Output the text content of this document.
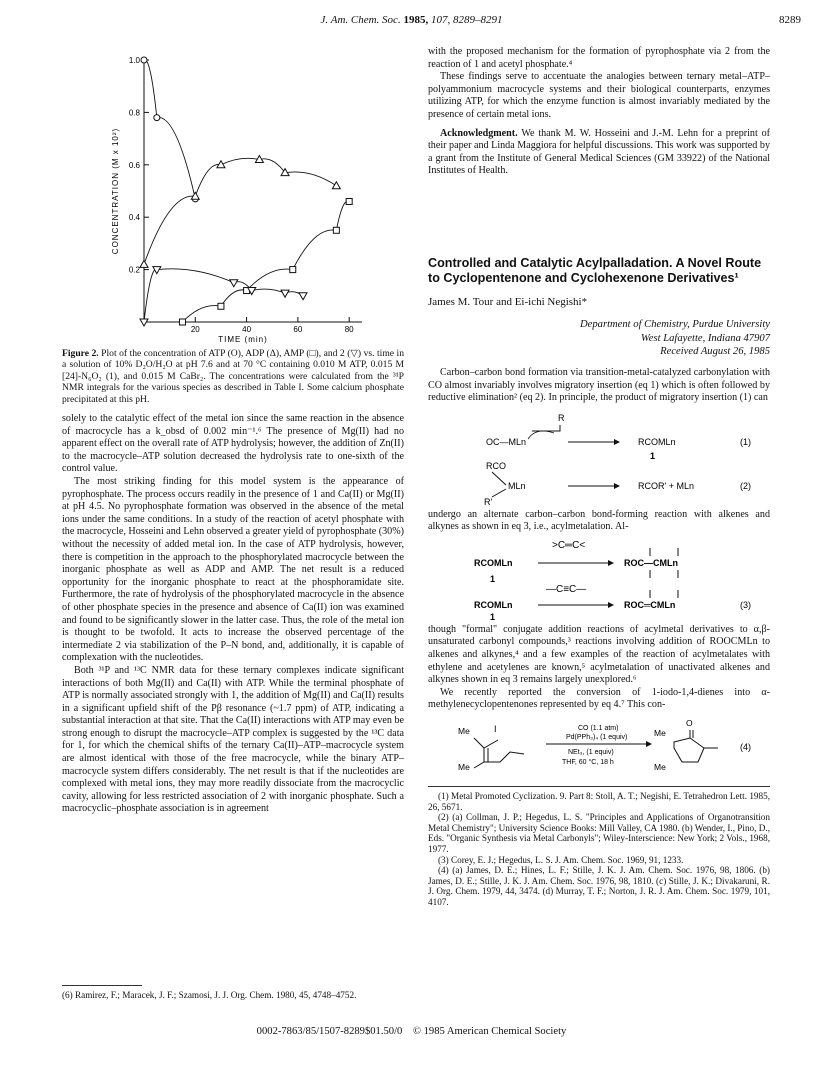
J. Am. Chem. Soc. 1985, 107, 8289–8291	8289
CONCENTRATION (M x 10²)
TIME (min)
0.2
0.4
0.6
0.8
1.0
20	40	60	80
Figure 2. Plot of the concentration of ATP (O), ADP (Δ), AMP (□), and 2 (▽) vs. time in a solution of 10% D₂O/H₂O at pH 7.6 and at 70 °C containing 0.010 M ATP, 0.015 M [24]-N₆O₂ (1), and 0.015 M CaBr₂. The concentrations were calculated from the ³¹P NMR integrals for the various species as described in Table I. Some calcium phosphate precipitated at this pH.

solely to the catalytic effect of the metal ion since the same reaction in the absence of macrocycle has a k_obsd of 0.002 min⁻¹.⁶ The presence of Mg(II) had no apparent effect on the overall rate of ATP hydrolysis; however, the addition of Zn(II) to the macrocycle–ATP solution decreased the hydrolysis rate to one-sixth of the control value.

The most striking finding for this model system is the appearance of pyrophosphate. The process occurs readily in the presence of 1 and Ca(II) or Mg(II) at pH 4.5. No pyrophosphate formation was observed in the absence of the metal ions under the same conditions. In a study of the reaction of acetyl phosphate with the macrocycle, Hosseini and Lehn observed a greater yield of pyrophosphate (30%) without the necessity of added metal ion. In the case of ATP hydrolysis, however, there is competition in the approach to the phosphorylated macrocycle between the inorganic phosphate as well as ADP and AMP. The net result is a reduced opportunity for the inorganic phosphate to react at the phosphoramidate site. Furthermore, the rate of hydrolysis of the phosphorylated macrocycle in the absence of other phosphate species in the presence and absence of Ca(II) ion was examined and found to be significantly slower in the latter case. Thus, the role of the metal ion is thought to be twofold. It acts to increase the observed percentage of the intermediate 2 via stabilization of the P–N bond, and, additionally, it is capable of complexation with the nucleotides.

Both ³¹P and ¹³C NMR data for these ternary complexes indicate significant interactions of both Mg(II) and Ca(II) with ATP. While the terminal phosphate of ATP is normally associated strongly with 1, the addition of Mg(II) and Ca(II) results in a significant upfield shift of the Pβ resonance (~1.7 ppm) of ATP, indicating a substantial interaction at that site. That the Ca(II) interactions with ATP may even be strong enough to disrupt the macrocycle–ATP complex is suggested by the ¹³C data for 1, for which the chemical shifts of the ternary Ca(II)–ATP–macrocycle system are almost identical with those of the free macrocycle, while the binary ATP–macrocycle system differs considerably. The net result is that if the nucleotides are complexed with metal ions, they may more readily dissociate from the macrocyclic cavity, allowing for less restricted association of 2 with inorganic phosphate. Such a macrocyclic–phosphate association is in agreement

(6) Ramirez, F.; Maracek, J. F.; Szamosi, J. J. Org. Chem. 1980, 45, 4748–4752.

with the proposed mechanism for the formation of pyrophosphate via 2 from the reaction of 1 and acetyl phosphate.⁴

These findings serve to accentuate the analogies between ternary metal–ATP–polyammonium macrocycle systems and their biological counterparts, enzymes utilizing ATP, for which the enzyme function is almost invariably mediated by the presence of certain metal ions.

Acknowledgment. We thank M. W. Hosseini and J.-M. Lehn for a preprint of their paper and Linda Maggiora for helpful discussions. This work was supported by a grant from the Institute of General Medical Sciences (GM 33922) of the National Institutes of Health.

Controlled and Catalytic Acylpalladation. A Novel Route to Cyclopentenone and Cyclohexenone Derivatives¹
James M. Tour and Ei-ichi Negishi*
Department of Chemistry, Purdue University
West Lafayette, Indiana 47907
Received August 26, 1985

Carbon–carbon bond formation via transition-metal-catalyzed carbonylation with CO almost invariably involves migratory insertion (eq 1) which is often followed by reductive elimination² (eq 2). In principle, the product of migratory insertion (1) can

R
OC—MLn	RCOMLn
1
(1)
RCO
MLn
R'
RCOR' + MLn	(2)

undergo an alternate carbon–carbon bond-forming reaction with alkenes and alkynes as shown in eq 3, i.e., acylmetalation. Al-

>C═C<
RCOMLn	ROC—CMLn
1
—C≡C—
RCOMLn	ROC═CMLn
1
(3)

though "formal" conjugate addition reactions of acylmetal derivatives to α,β-unsaturated carbonyl compounds,³ reactions involving addition of ROOCMLn to alkenes and alkynes,⁴ and a few examples of the reaction of acylmetalates with ethylene and acetylenes are known,⁵ acylmetalation of unactivated alkenes and alkynes shown in eq 3 remains largely unexplored.⁶

We recently reported the conversion of 1-iodo-1,4-dienes into α-methylenecyclopentenones represented by eq 4.⁷ This con-

Me	I
Me
CO (1.1 atm)
Pd(PPh₃)₄ (1 equiv)
NEt₃, (1 equiv)
THF, 60 °C, 18 h
O
Me
Me
(4)
(1) Metal Promoted Cyclization. 9. Part 8: Stoll, A. T.; Negishi, E. Tetrahedron Lett. 1985, 26, 5671.
(2) (a) Collman, J. P.; Hegedus, L. S. "Principles and Applications of Organotransition Metal Chemistry"; University Science Books: Mill Valley, CA 1980. (b) Wender, I., Pino, D., Eds. "Organic Synthesis via Metal Carbonyls"; Wiley-Interscience: New York; 2 Vols., 1968, 1977.
(3) Corey, E. J.; Hegedus, L. S. J. Am. Chem. Soc. 1969, 91, 1233.
(4) (a) James, D. E.; Hines, L. F.; Stille, J. K. J. Am. Chem. Soc. 1976, 98, 1806. (b) James, D. E.; Stille, J. K. J. Am. Chem. Soc. 1976, 98, 1810. (c) Stille, J. K.; Divakaruni, R. J. Org. Chem. 1979, 44, 3474. (d) Murray, T. F.; Norton, J. R. J. Am. Chem. Soc. 1979, 101, 4107.
0002-7863/85/1507-8289$01.50/0 © 1985 American Chemical Society
